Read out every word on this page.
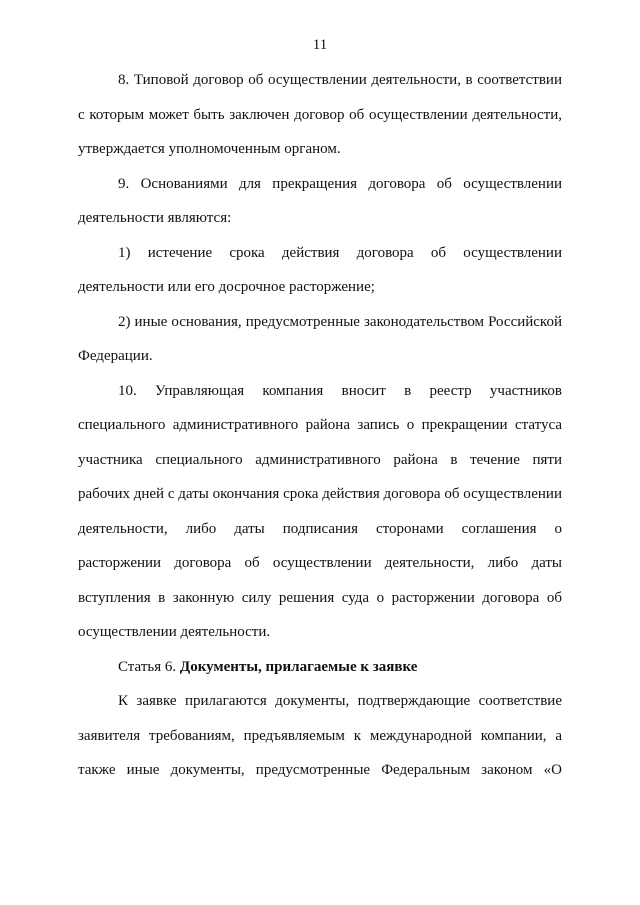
11

8. Типовой договор об осуществлении деятельности, в соответствии с которым может быть заключен договор об осуществлении деятельности, утверждается уполномоченным органом.

9. Основаниями для прекращения договора об осуществлении деятельности являются:

1) истечение срока действия договора об осуществлении деятельности или его досрочное расторжение;

2) иные основания, предусмотренные законодательством Российской Федерации.

10. Управляющая компания вносит в реестр участников специального административного района запись о прекращении статуса участника специального административного района в течение пяти рабочих дней с даты окончания срока действия договора об осуществлении деятельности, либо даты подписания сторонами соглашения о расторжении договора об осуществлении деятельности, либо даты вступления в законную силу решения суда о расторжении договора об осуществлении деятельности.

Статья 6. Документы, прилагаемые к заявке

К заявке прилагаются документы, подтверждающие соответствие заявителя требованиям, предъявляемым к международной компании, а также иные документы, предусмотренные Федеральным законом «О
